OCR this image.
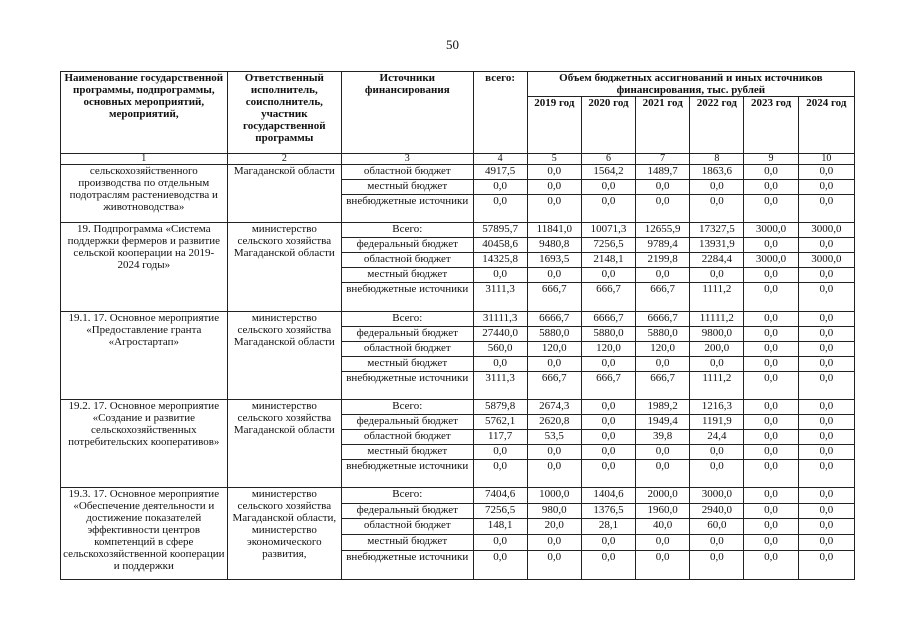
50
Наименование государственной программы, подпрограммы, основных мероприятий, мероприятий,	Ответственный исполнитель, соисполнитель, участник государственной программы	Источники финансирования	всего:	Объем бюджетных ассигнований и иных источников финансирования, тыс. рублей					
				2019 год	2020 год	2021 год	2022 год	2023 год	2024 год
1	2	3	4	5	6	7	8	9	10
сельскохозяйственного производства по отдельным подотраслям растениеводства и животноводства»	Магаданской области	областной бюджет	4917,5	0,0	1564,2	1489,7	1863,6	0,0	0,0
		местный бюджет	0,0	0,0	0,0	0,0	0,0	0,0	0,0
		внебюджетные источники	0,0	0,0	0,0	0,0	0,0	0,0	0,0
19. Подпрограмма «Система поддержки фермеров и развитие сельской кооперации на 2019-2024 годы»	министерство сельского хозяйства Магаданской области	Всего:	57895,7	11841,0	10071,3	12655,9	17327,5	3000,0	3000,0
		федеральный бюджет	40458,6	9480,8	7256,5	9789,4	13931,9	0,0	0,0
		областной бюджет	14325,8	1693,5	2148,1	2199,8	2284,4	3000,0	3000,0
		местный бюджет	0,0	0,0	0,0	0,0	0,0	0,0	0,0
		внебюджетные источники	3111,3	666,7	666,7	666,7	1111,2	0,0	0,0
19.1. 17. Основное мероприятие «Предоставление гранта «Агростартап»	министерство сельского хозяйства Магаданской области	Всего:	31111,3	6666,7	6666,7	6666,7	11111,2	0,0	0,0
		федеральный бюджет	27440,0	5880,0	5880,0	5880,0	9800,0	0,0	0,0
		областной бюджет	560,0	120,0	120,0	120,0	200,0	0,0	0,0
		местный бюджет	0,0	0,0	0,0	0,0	0,0	0,0	0,0
		внебюджетные источники	3111,3	666,7	666,7	666,7	1111,2	0,0	0,0
19.2. 17. Основное мероприятие «Создание и развитие сельскохозяйственных потребительских кооперативов»	министерство сельского хозяйства Магаданской области	Всего:	5879,8	2674,3	0,0	1989,2	1216,3	0,0	0,0
		федеральный бюджет	5762,1	2620,8	0,0	1949,4	1191,9	0,0	0,0
		областной бюджет	117,7	53,5	0,0	39,8	24,4	0,0	0,0
		местный бюджет	0,0	0,0	0,0	0,0	0,0	0,0	0,0
		внебюджетные источники	0,0	0,0	0,0	0,0	0,0	0,0	0,0
19.3. 17. Основное мероприятие «Обеспечение деятельности и достижение показателей эффективности центров компетенций в сфере сельскохозяйственной кооперации и поддержки	министерство сельского хозяйства Магаданской области, министерство экономического развития,	Всего:	7404,6	1000,0	1404,6	2000,0	3000,0	0,0	0,0
		федеральный бюджет	7256,5	980,0	1376,5	1960,0	2940,0	0,0	0,0
		областной бюджет	148,1	20,0	28,1	40,0	60,0	0,0	0,0
		местный бюджет	0,0	0,0	0,0	0,0	0,0	0,0	0,0
		внебюджетные источники	0,0	0,0	0,0	0,0	0,0	0,0	0,0
